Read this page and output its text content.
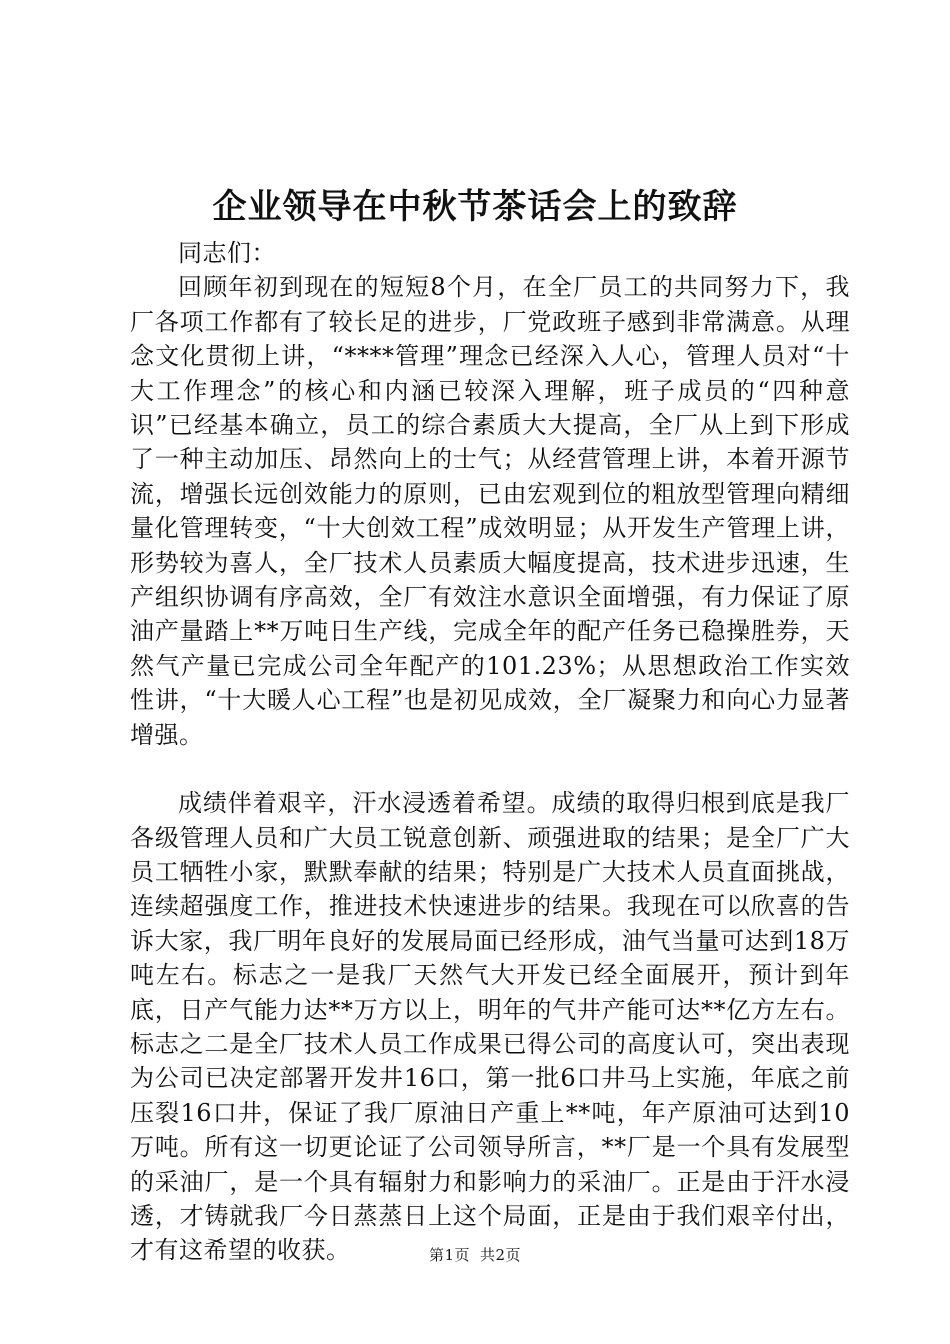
企业领导在中秋节茶话会上的致辞

同志们：

回顾年初到现在的短短8个月，在全厂员工的共同努力下，我厂各项工作都有了较长足的进步，厂党政班子感到非常满意。从理念文化贯彻上讲，“****管理”理念已经深入人心，管理人员对“十大工作理念”的核心和内涵已较深入理解，班子成员的“四种意识”已经基本确立，员工的综合素质大大提高，全厂从上到下形成了一种主动加压、昂然向上的士气；从经营管理上讲，本着开源节流，增强长远创效能力的原则，已由宏观到位的粗放型管理向精细量化管理转变，“十大创效工程”成效明显；从开发生产管理上讲，形势较为喜人，全厂技术人员素质大幅度提高，技术进步迅速，生产组织协调有序高效，全厂有效注水意识全面增强，有力保证了原油产量踏上**万吨日生产线，完成全年的配产任务已稳操胜券，天然气产量已完成公司全年配产的101.23%；从思想政治工作实效性讲，“十大暖人心工程”也是初见成效，全厂凝聚力和向心力显著增强。

成绩伴着艰辛，汗水浸透着希望。成绩的取得归根到底是我厂各级管理人员和广大员工锐意创新、顽强进取的结果；是全厂广大员工牺牲小家，默默奉献的结果；特别是广大技术人员直面挑战，连续超强度工作，推进技术快速进步的结果。我现在可以欣喜的告诉大家，我厂明年良好的发展局面已经形成，油气当量可达到18万吨左右。标志之一是我厂天然气大开发已经全面展开，预计到年底，日产气能力达**万方以上，明年的气井产能可达**亿方左右。标志之二是全厂技术人员工作成果已得公司的高度认可，突出表现为公司已决定部署开发井16口，第一批6口井马上实施，年底之前压裂16口井，保证了我厂原油日产重上**吨，年产原油可达到10万吨。所有这一切更论证了公司领导所言，**厂是一个具有发展型的采油厂，是一个具有辐射力和影响力的采油厂。正是由于汗水浸透，才铸就我厂今日蒸蒸日上这个局面，正是由于我们艰辛付出，才有这希望的收获。	第1页 共2页
